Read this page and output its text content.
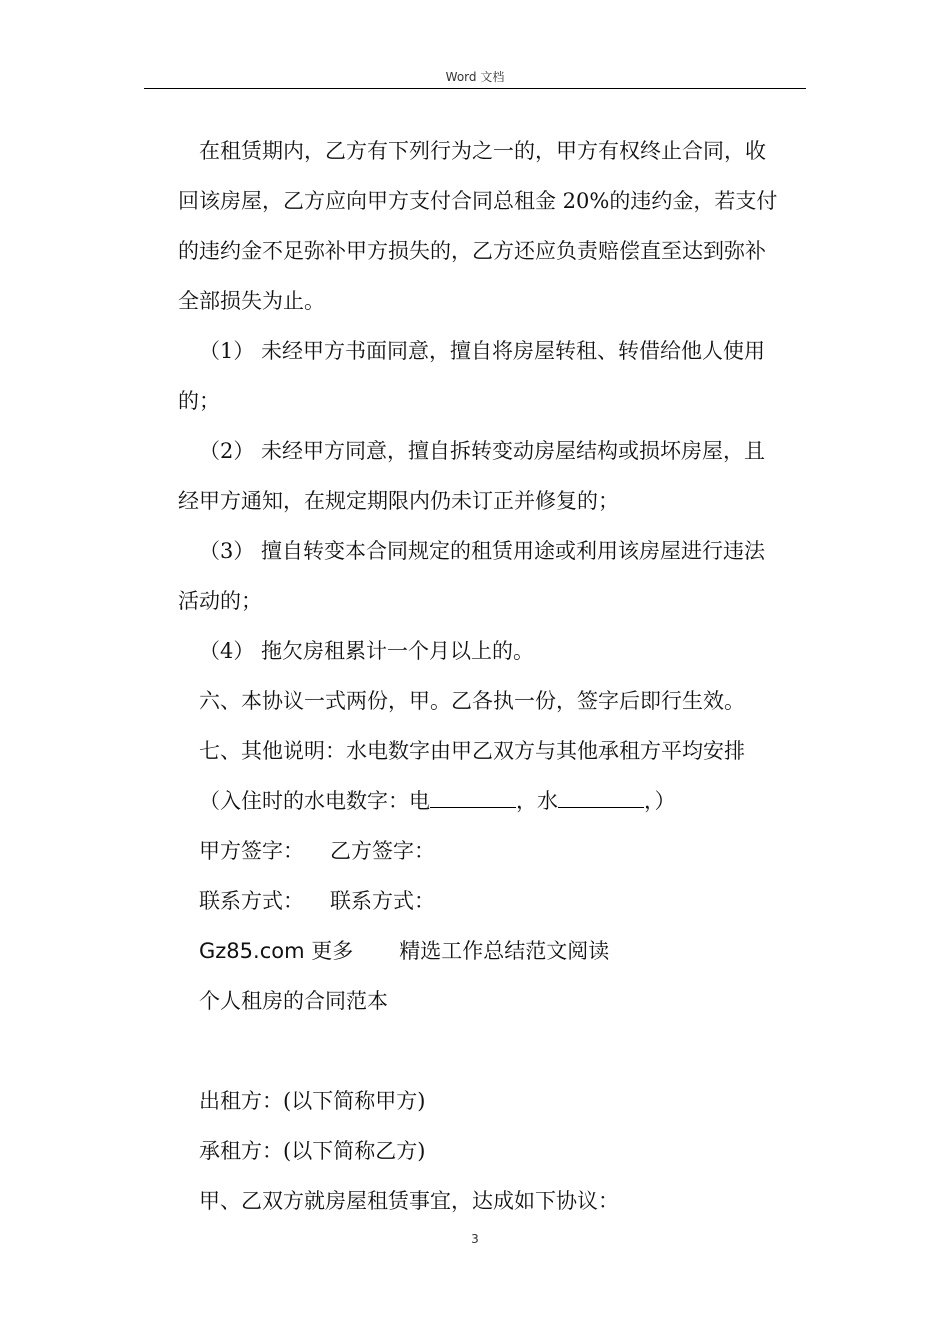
Word 文档

在租赁期内，乙方有下列行为之一的，甲方有权终止合同，收

回该房屋，乙方应向甲方支付合同总租金 20%的违约金，若支付

的违约金不足弥补甲方损失的，乙方还应负责赔偿直至达到弥补

全部损失为止。

（1） 未经甲方书面同意，擅自将房屋转租、转借给他人使用

的；

（2） 未经甲方同意，擅自拆转变动房屋结构或损坏房屋，且

经甲方通知，在规定期限内仍未订正并修复的；

（3） 擅自转变本合同规定的租赁用途或利用该房屋进行违法

活动的；

（4） 拖欠房租累计一个月以上的。

六、本协议一式两份，甲。乙各执一份，签字后即行生效。

七、其他说明：水电数字由甲乙双方与其他承租方平均安排

（入住时的水电数字：电	，水	，）

甲方签字： 乙方签字：

联系方式： 联系方式：

Gz85.com 更多 精选工作总结范文阅读

个人租房的合同范本

出租方：(以下简称甲方)

承租方：(以下简称乙方)

甲、乙双方就房屋租赁事宜，达成如下协议：

3
